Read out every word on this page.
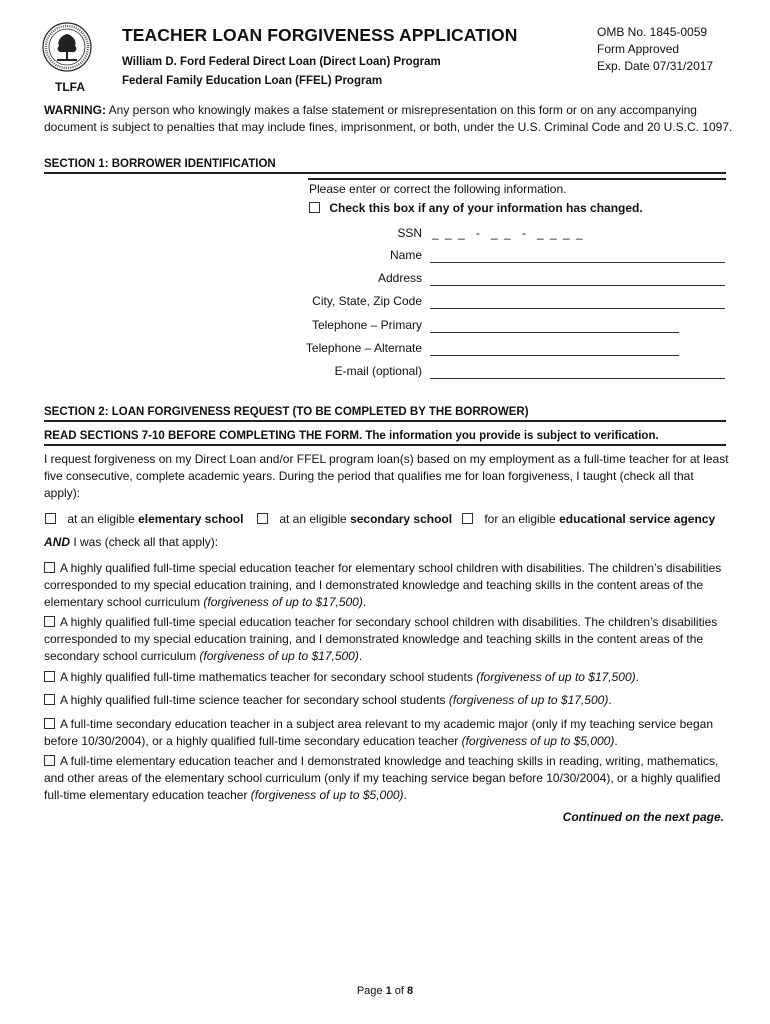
TLFA
TEACHER LOAN FORGIVENESS APPLICATION
William D. Ford Federal Direct Loan (Direct Loan) Program
Federal Family Education Loan (FFEL) Program
OMB No. 1845-0059
Form Approved
Exp. Date 07/31/2017
WARNING: Any person who knowingly makes a false statement or misrepresentation on this form or on any accompanying document is subject to penalties that may include fines, imprisonment, or both, under the U.S. Criminal Code and 20 U.S.C. 1097.
SECTION 1: BORROWER IDENTIFICATION
Please enter or correct the following information.
Check this box if any of your information has changed.
SSN _ _ _  -  _ _  -  _ _ _ _
Name
Address
City, State, Zip Code
Telephone – Primary
Telephone – Alternate
E-mail (optional)
SECTION 2: LOAN FORGIVENESS REQUEST (TO BE COMPLETED BY THE BORROWER)
READ SECTIONS 7-10 BEFORE COMPLETING THE FORM. The information you provide is subject to verification.
I request forgiveness on my Direct Loan and/or FFEL program loan(s) based on my employment as a full-time teacher for at least five consecutive, complete academic years. During the period that qualifies me for loan forgiveness, I taught (check all that apply):
at an eligible elementary school	at an eligible secondary school	for an eligible educational service agency
AND I was (check all that apply):
A highly qualified full-time special education teacher for elementary school children with disabilities. The children’s disabilities corresponded to my special education training, and I demonstrated knowledge and teaching skills in the content areas of the elementary school curriculum (forgiveness of up to $17,500).
A highly qualified full-time special education teacher for secondary school children with disabilities. The children’s disabilities corresponded to my special education training, and I demonstrated knowledge and teaching skills in the content areas of the secondary school curriculum (forgiveness of up to $17,500).
A highly qualified full-time mathematics teacher for secondary school students (forgiveness of up to $17,500).
A highly qualified full-time science teacher for secondary school students (forgiveness of up to $17,500).
A full-time secondary education teacher in a subject area relevant to my academic major (only if my teaching service began before 10/30/2004), or a highly qualified full-time secondary education teacher (forgiveness of up to $5,000).
A full-time elementary education teacher and I demonstrated knowledge and teaching skills in reading, writing, mathematics, and other areas of the elementary school curriculum (only if my teaching service began before 10/30/2004), or a highly qualified full-time elementary education teacher (forgiveness of up to $5,000).
Continued on the next page.
Page 1 of 8
